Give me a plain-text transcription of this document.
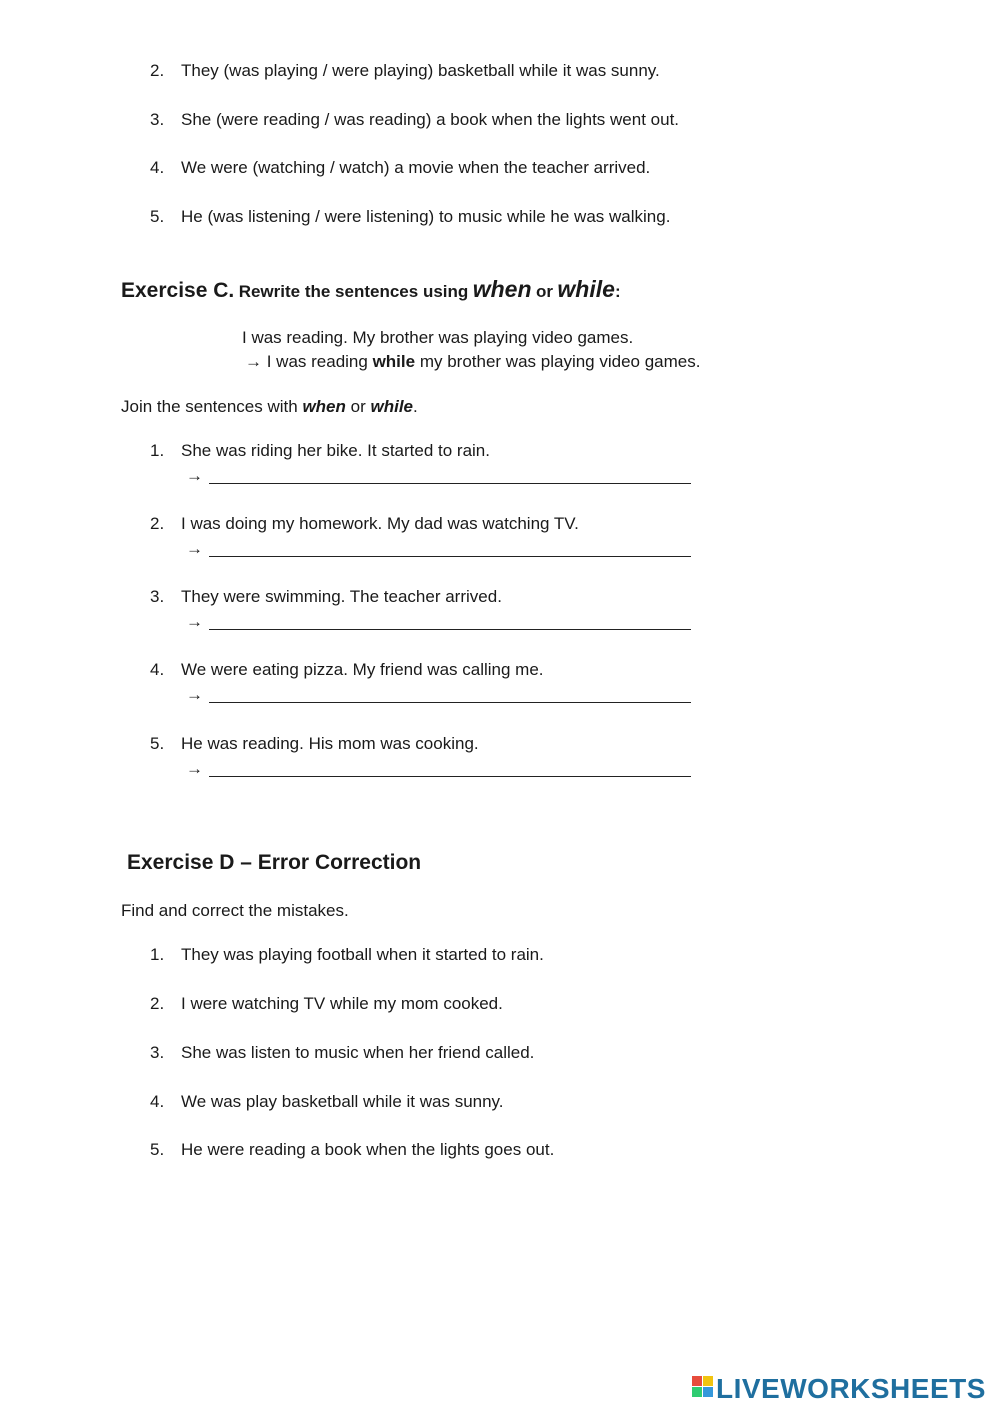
2. They (was playing / were playing) basketball while it was sunny.
3. She (were reading / was reading) a book when the lights went out.
4. We were (watching / watch) a movie when the teacher arrived.
5. He (was listening / were listening) to music while he was walking.
Exercise C. Rewrite the sentences using when or while:
I was reading. My brother was playing video games.
→ I was reading while my brother was playing video games.
Join the sentences with when or while.
1. She was riding her bike. It started to rain.
→
2. I was doing my homework. My dad was watching TV.
→
3. They were swimming. The teacher arrived.
→
4. We were eating pizza. My friend was calling me.
→
5. He was reading. His mom was cooking.
→
Exercise D – Error Correction
Find and correct the mistakes.
1. They was playing football when it started to rain.
2. I were watching TV while my mom cooked.
3. She was listen to music when her friend called.
4. We was play basketball while it was sunny.
5. He were reading a book when the lights goes out.
LIVEWORKSHEETS
